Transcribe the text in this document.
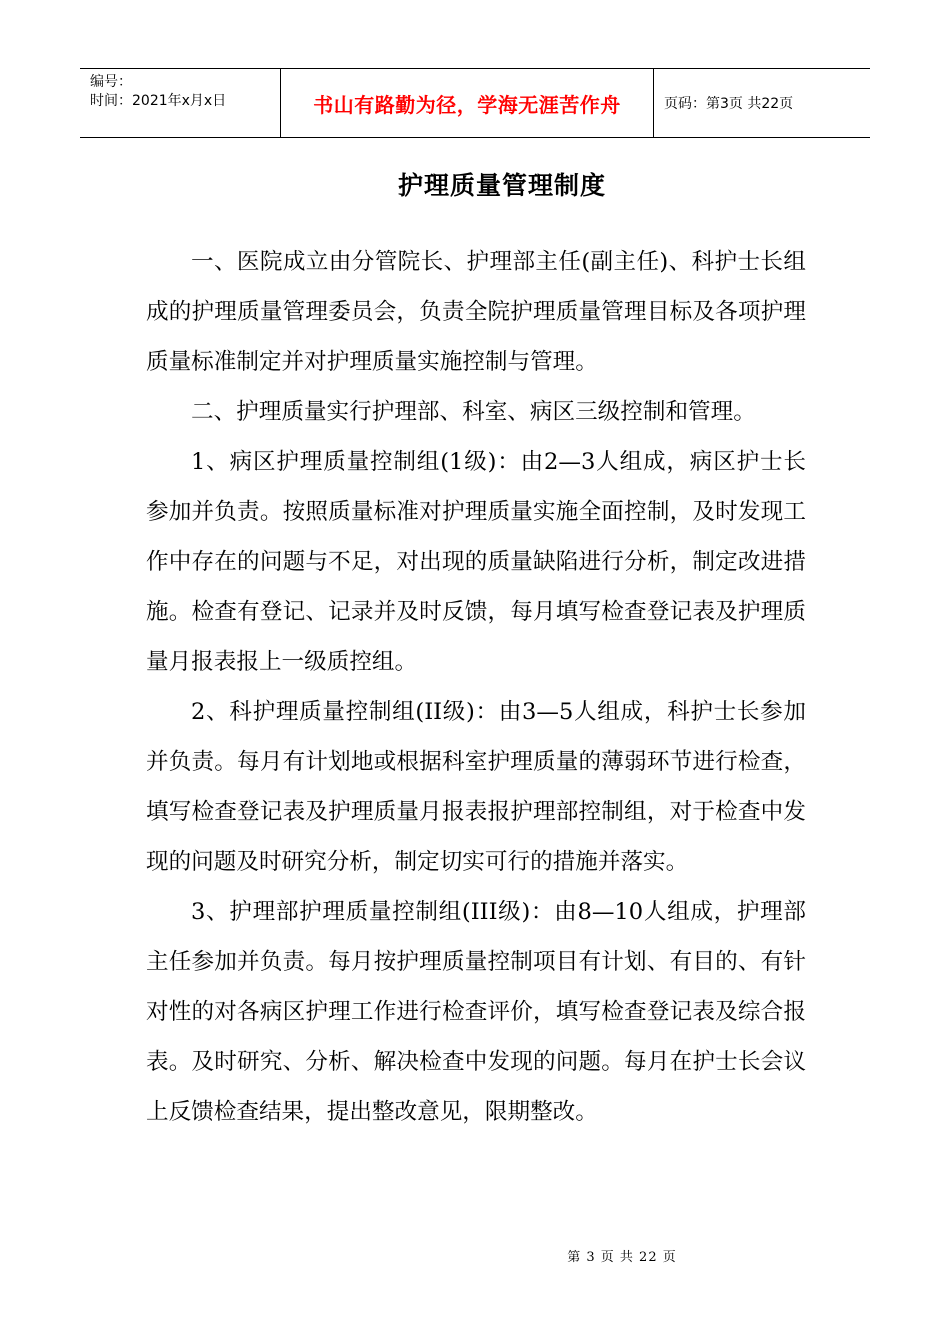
编号：
时间：2021年x月x日	书山有路勤为径，学海无涯苦作舟	页码：第3页 共22页
护理质量管理制度

一、医院成立由分管院长、护理部主任(副主任)、科护士长组成的护理质量管理委员会，负责全院护理质量管理目标及各项护理质量标准制定并对护理质量实施控制与管理。

二、护理质量实行护理部、科室、病区三级控制和管理。

1、病区护理质量控制组(1级)：由2—3人组成，病区护士长参加并负责。按照质量标准对护理质量实施全面控制，及时发现工作中存在的问题与不足，对出现的质量缺陷进行分析，制定改进措施。检查有登记、记录并及时反馈，每月填写检查登记表及护理质量月报表报上一级质控组。

2、科护理质量控制组(II级)：由3—5人组成，科护士长参加并负责。每月有计划地或根据科室护理质量的薄弱环节进行检查，填写检查登记表及护理质量月报表报护理部控制组，对于检查中发现的问题及时研究分析，制定切实可行的措施并落实。

3、护理部护理质量控制组(III级)：由8—10人组成，护理部主任参加并负责。每月按护理质量控制项目有计划、有目的、有针对性的对各病区护理工作进行检查评价，填写检查登记表及综合报表。及时研究、分析、解决检查中发现的问题。每月在护士长会议上反馈检查结果，提出整改意见，限期整改。

第 3 页 共 22 页
